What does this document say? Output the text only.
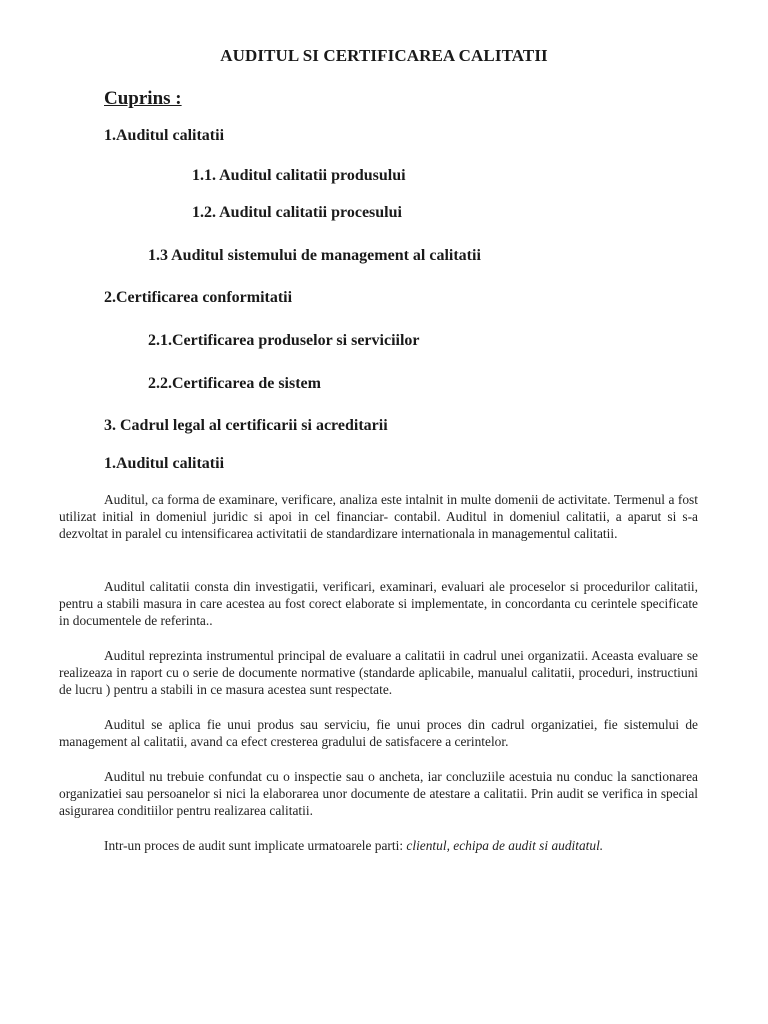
AUDITUL SI CERTIFICAREA CALITATII
Cuprins :
1.Auditul calitatii
1.1. Auditul calitatii produsului
1.2. Auditul calitatii procesului
1.3 Auditul sistemului de management al calitatii
2.Certificarea conformitatii
2.1.Certificarea produselor si serviciilor
2.2.Certificarea de sistem
3. Cadrul legal al certificarii si acreditarii
1.Auditul calitatii
Auditul, ca forma de examinare, verificare, analiza este intalnit in multe domenii de activitate. Termenul a fost utilizat initial in domeniul juridic si apoi in cel financiar- contabil. Auditul in domeniul calitatii, a aparut si s-a dezvoltat in paralel cu intensificarea activitatii de standardizare internationala in managementul calitatii.
Auditul calitatii consta din investigatii, verificari, examinari, evaluari ale proceselor si procedurilor calitatii, pentru a stabili masura in care acestea au fost corect elaborate si implementate, in concordanta cu cerintele specificate in documentele de referinta..
Auditul reprezinta instrumentul principal de evaluare a calitatii in cadrul unei organizatii. Aceasta evaluare se realizeaza in raport cu o serie de documente normative (standarde aplicabile, manualul calitatii, proceduri, instructiuni de lucru ) pentru a stabili in ce masura acestea sunt respectate.
Auditul se aplica fie unui produs sau serviciu, fie unui proces din cadrul organizatiei, fie sistemului de management al calitatii, avand ca efect cresterea gradului de satisfacere a cerintelor.
Auditul nu trebuie confundat cu o inspectie sau o ancheta, iar concluziile acestuia nu conduc la sanctionarea organizatiei sau persoanelor si nici la elaborarea unor documente de atestare a calitatii. Prin audit se verifica in special asigurarea conditiilor pentru realizarea calitatii.
Intr-un proces de audit sunt implicate urmatoarele parti: clientul, echipa de audit si auditatul.
